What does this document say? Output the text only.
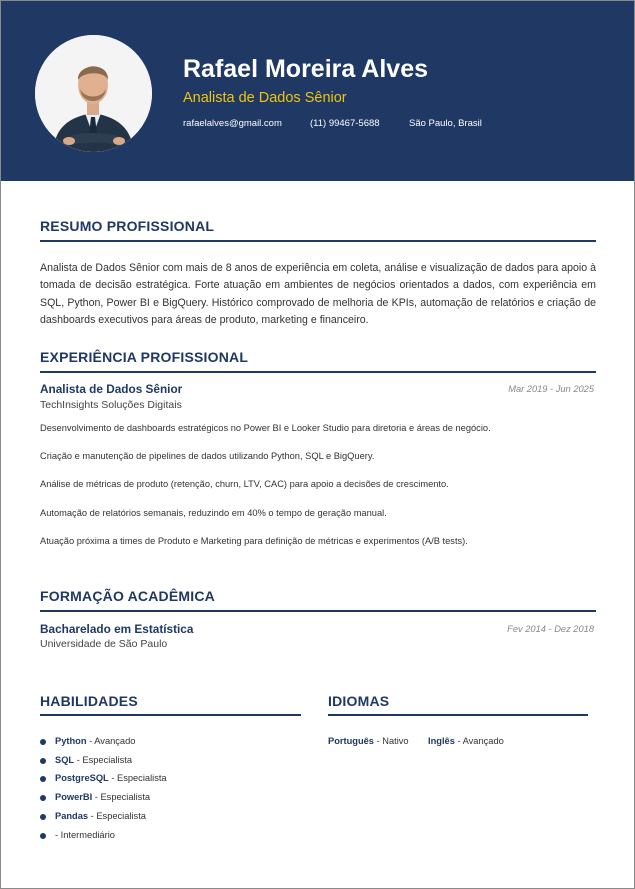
Rafael Moreira Alves
Analista de Dados Sênior
rafaelalves@gmail.com	(11) 99467-5688	São Paulo, Brasil
RESUMO PROFISSIONAL
Analista de Dados Sênior com mais de 8 anos de experiência em coleta, análise e visualização de dados para apoio à tomada de decisão estratégica. Forte atuação em ambientes de negócios orientados a dados, com experiência em SQL, Python, Power BI e BigQuery. Histórico comprovado de melhoria de KPIs, automação de relatórios e criação de dashboards executivos para áreas de produto, marketing e financeiro.
EXPERIÊNCIA PROFISSIONAL
Analista de Dados Sênior	Mar 2019 - Jun 2025
TechInsights Soluções Digitais
Desenvolvimento de dashboards estratégicos no Power BI e Looker Studio para diretoria e áreas de negócio.
Criação e manutenção de pipelines de dados utilizando Python, SQL e BigQuery.
Análise de métricas de produto (retenção, churn, LTV, CAC) para apoio a decisões de crescimento.
Automação de relatórios semanais, reduzindo em 40% o tempo de geração manual.
Atuação próxima a times de Produto e Marketing para definição de métricas e experimentos (A/B tests).
FORMAÇÃO ACADÊMICA
Bacharelado em Estatística	Fev 2014 - Dez 2018
Universidade de São Paulo
HABILIDADES
Python - Avançado
SQL - Especialista
PostgreSQL - Especialista
PowerBI - Especialista
Pandas - Especialista
- Intermediário
IDIOMAS
Português - Nativo Inglês - Avançado
